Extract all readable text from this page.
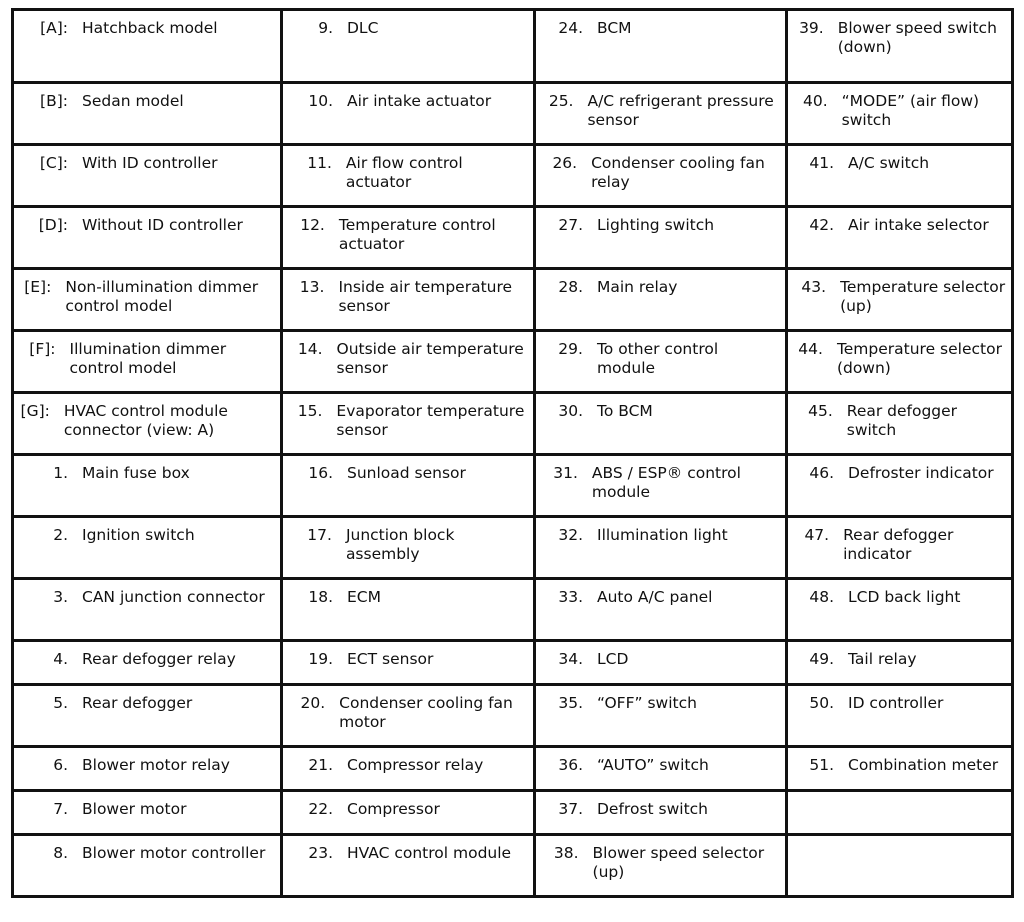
[A]: Hatchback model	9. DLC	24. BCM	39. Blower speed switch (down)

[B]: Sedan model	10. Air intake actuator	25. A/C refrigerant pressure sensor	40. “MODE” (air flow) switch

[C]: With ID controller	11. Air flow control actuator	26. Condenser cooling fan relay	41. A/C switch

[D]: Without ID controller	12. Temperature control actuator	27. Lighting switch	42. Air intake selector

[E]: Non-illumination dimmer control model	13. Inside air temperature sensor	28. Main relay	43. Temperature selector (up)

[F]: Illumination dimmer control model	14. Outside air temperature sensor	29. To other control module	44. Temperature selector (down)

[G]: HVAC control module connector (view: A)	15. Evaporator temperature sensor	30. To BCM	45. Rear defogger switch

1. Main fuse box	16. Sunload sensor	31. ABS / ESP® control module	46. Defroster indicator

2. Ignition switch	17. Junction block assembly	32. Illumination light	47. Rear defogger indicator

3. CAN junction connector	18. ECM	33. Auto A/C panel	48. LCD back light

4. Rear defogger relay	19. ECT sensor	34. LCD	49. Tail relay

5. Rear defogger	20. Condenser cooling fan motor	35. “OFF” switch	50. ID controller

6. Blower motor relay	21. Compressor relay	36. “AUTO” switch	51. Combination meter

7. Blower motor	22. Compressor	37. Defrost switch	

8. Blower motor controller	23. HVAC control module	38. Blower speed selector (up)	
